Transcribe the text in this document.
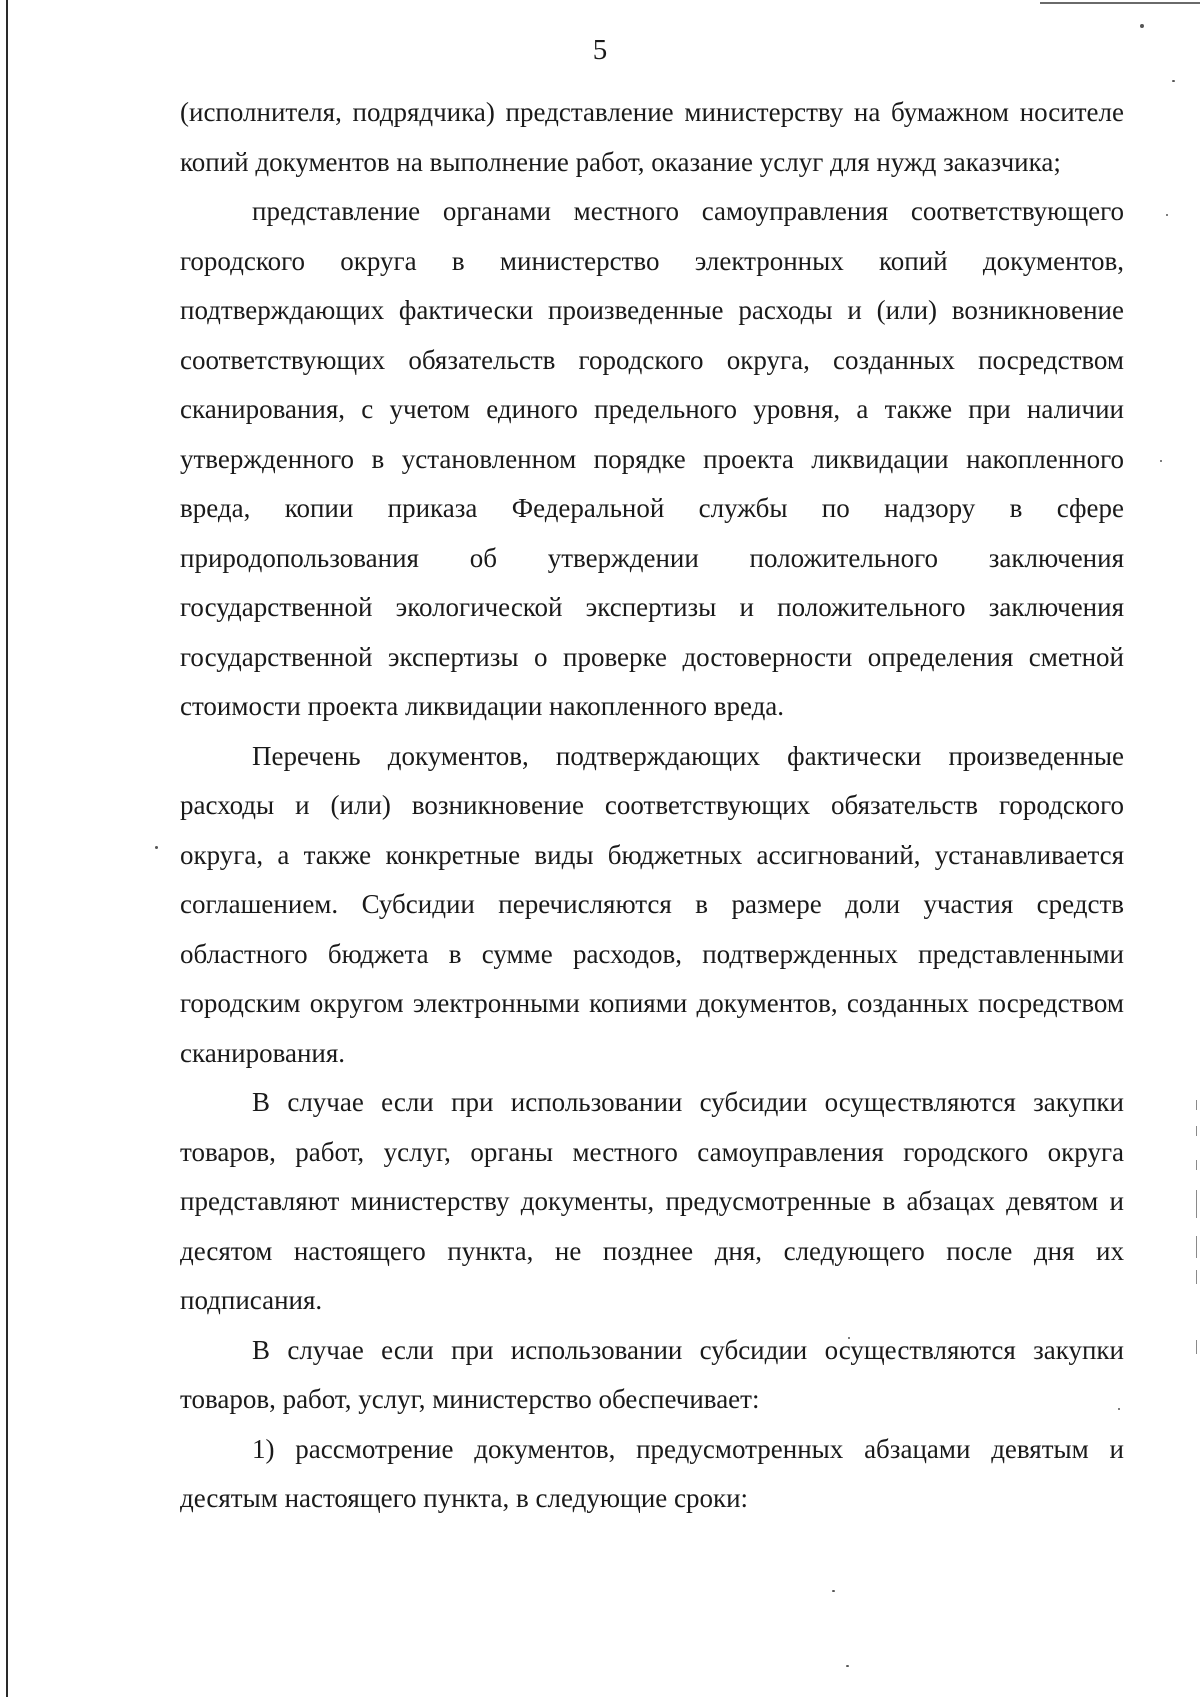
5

(исполнителя, подрядчика) представление министерству на бумажном носителе копий документов на выполнение работ, оказание услуг для нужд заказчика;

представление органами местного самоуправления соответствующего городского округа в министерство электронных копий документов, подтверждающих фактически произведенные расходы и (или) возникновение соответствующих обязательств городского округа, созданных посредством сканирования, с учетом единого предельного уровня, а также при наличии утвержденного в установленном порядке проекта ликвидации накопленного вреда, копии приказа Федеральной службы по надзору в сфере природопользования об утверждении положительного заключения государственной экологической экспертизы и положительного заключения государственной экспертизы о проверке достоверности определения сметной стоимости проекта ликвидации накопленного вреда.

Перечень документов, подтверждающих фактически произведенные расходы и (или) возникновение соответствующих обязательств городского округа, а также конкретные виды бюджетных ассигнований, устанавливается соглашением. Субсидии перечисляются в размере доли участия средств областного бюджета в сумме расходов, подтвержденных представленными городским округом электронными копиями документов, созданных посредством сканирования.

В случае если при использовании субсидии осуществляются закупки товаров, работ, услуг, органы местного самоуправления городского округа представляют министерству документы, предусмотренные в абзацах девятом и десятом настоящего пункта, не позднее дня, следующего после дня их подписания.

В случае если при использовании субсидии осуществляются закупки товаров, работ, услуг, министерство обеспечивает:

1) рассмотрение документов, предусмотренных абзацами девятым и десятым настоящего пункта, в следующие сроки:
